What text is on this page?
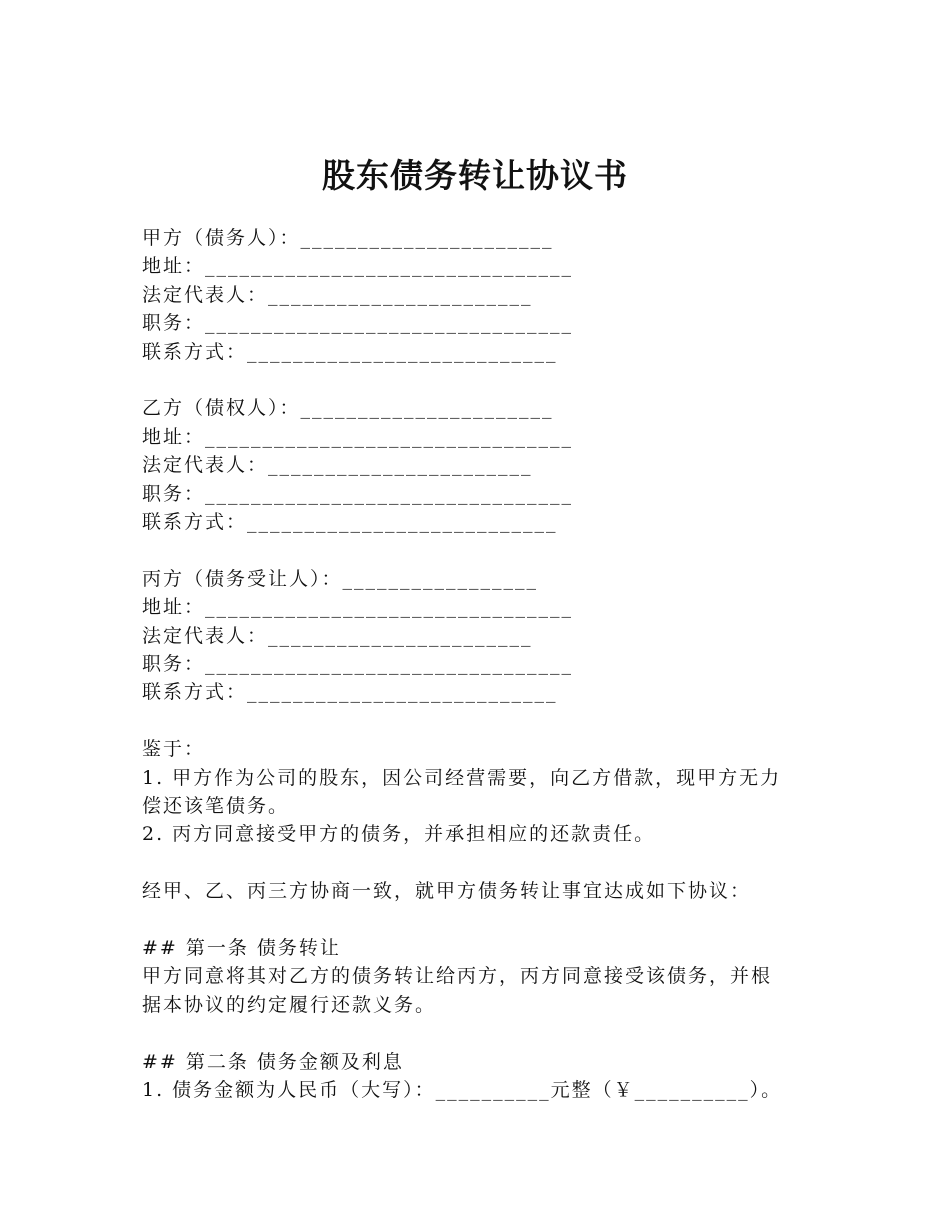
股东债务转让协议书
甲方（债务人）：______________________
地址：________________________________
法定代表人：_______________________
职务：________________________________
联系方式：___________________________
乙方（债权人）：______________________
地址：________________________________
法定代表人：_______________________
职务：________________________________
联系方式：___________________________
丙方（债务受让人）：_________________
地址：________________________________
法定代表人：_______________________
职务：________________________________
联系方式：___________________________
鉴于：
1. 甲方作为公司的股东，因公司经营需要，向乙方借款，现甲方无力
偿还该笔债务。
2. 丙方同意接受甲方的债务，并承担相应的还款责任。
经甲、乙、丙三方协商一致，就甲方债务转让事宜达成如下协议：
## 第一条 债务转让
甲方同意将其对乙方的债务转让给丙方，丙方同意接受该债务，并根
据本协议的约定履行还款义务。
## 第二条 债务金额及利息
1. 债务金额为人民币（大写）：__________元整（￥__________）。
